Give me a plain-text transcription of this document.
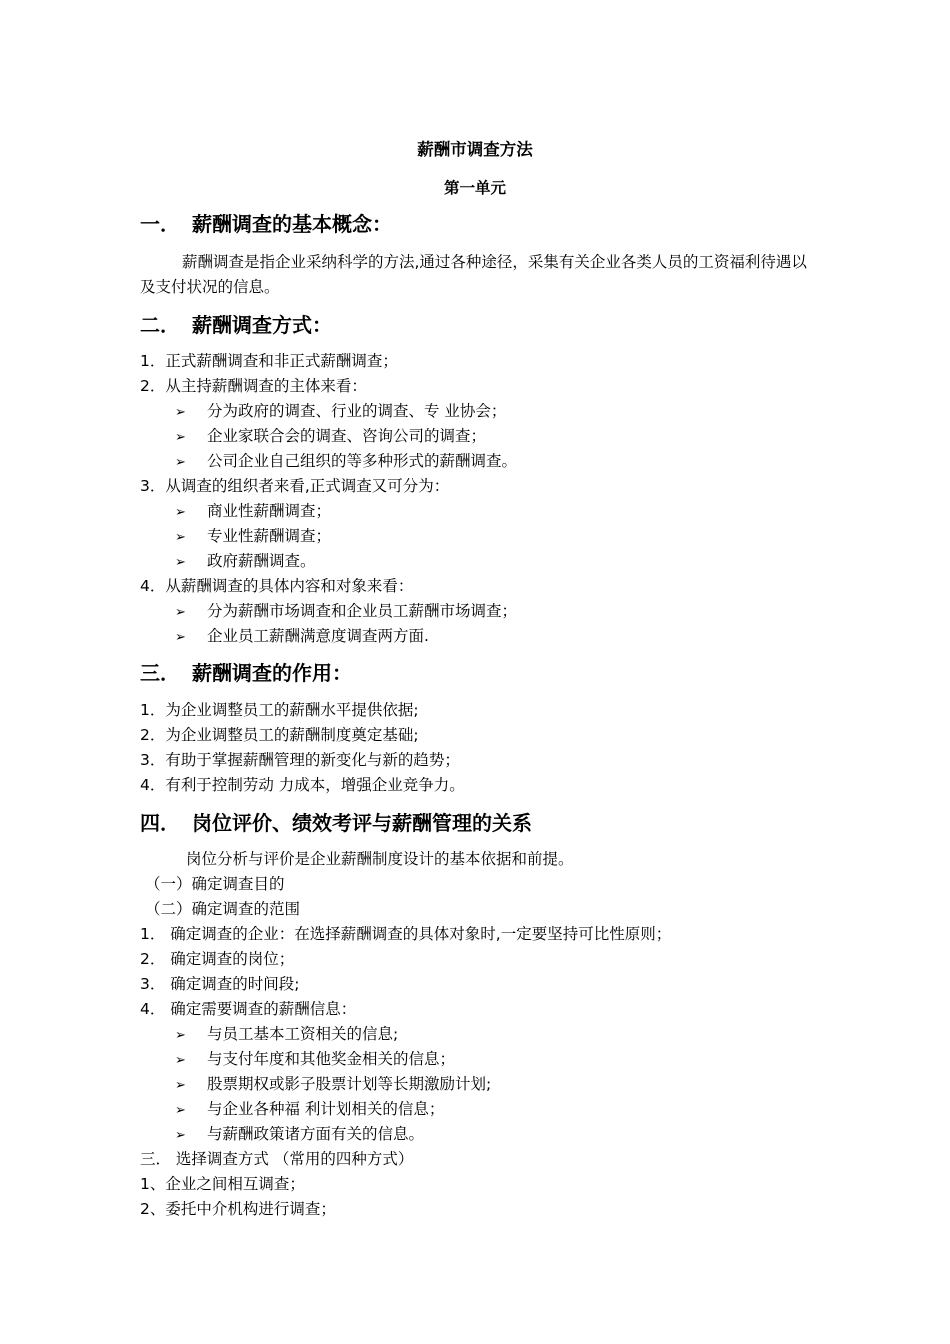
薪酬市调查方法
第一单元
一． 薪酬调查的基本概念：
薪酬调查是指企业采纳科学的方法,通过各种途径，采集有关企业各类人员的工资福利待遇以及支付状况的信息。
二． 薪酬调查方式：
1．正式薪酬调查和非正式薪酬调查；
2．从主持薪酬调查的主体来看：
➢ 分为政府的调查、行业的调查、专 业协会；
➢ 企业家联合会的调查、咨询公司的调查；
➢ 公司企业自己组织的等多种形式的薪酬调查。
3．从调查的组织者来看,正式调查又可分为：
➢ 商业性薪酬调查；
➢ 专业性薪酬调查；
➢ 政府薪酬调查。
4．从薪酬调查的具体内容和对象来看：
➢ 分为薪酬市场调查和企业员工薪酬市场调查；
➢ 企业员工薪酬满意度调查两方面.
三． 薪酬调查的作用：
1．为企业调整员工的薪酬水平提供依据;
2．为企业调整员工的薪酬制度奠定基础;
3．有助于掌握薪酬管理的新变化与新的趋势；
4．有利于控制劳动 力成本，增强企业竞争力。
四． 岗位评价、绩效考评与薪酬管理的关系
岗位分析与评价是企业薪酬制度设计的基本依据和前提。
（一）确定调查目的
（二）确定调查的范围
1． 确定调查的企业：在选择薪酬调查的具体对象时,一定要坚持可比性原则；
2． 确定调查的岗位；
3． 确定调查的时间段;
4． 确定需要调查的薪酬信息：
➢ 与员工基本工资相关的信息;
➢ 与支付年度和其他奖金相关的信息；
➢ 股票期权或影子股票计划等长期激励计划;
➢ 与企业各种福 利计划相关的信息；
➢ 与薪酬政策诸方面有关的信息。
三． 选择调查方式 （常用的四种方式）
1、企业之间相互调查；
2、委托中介机构进行调查；
